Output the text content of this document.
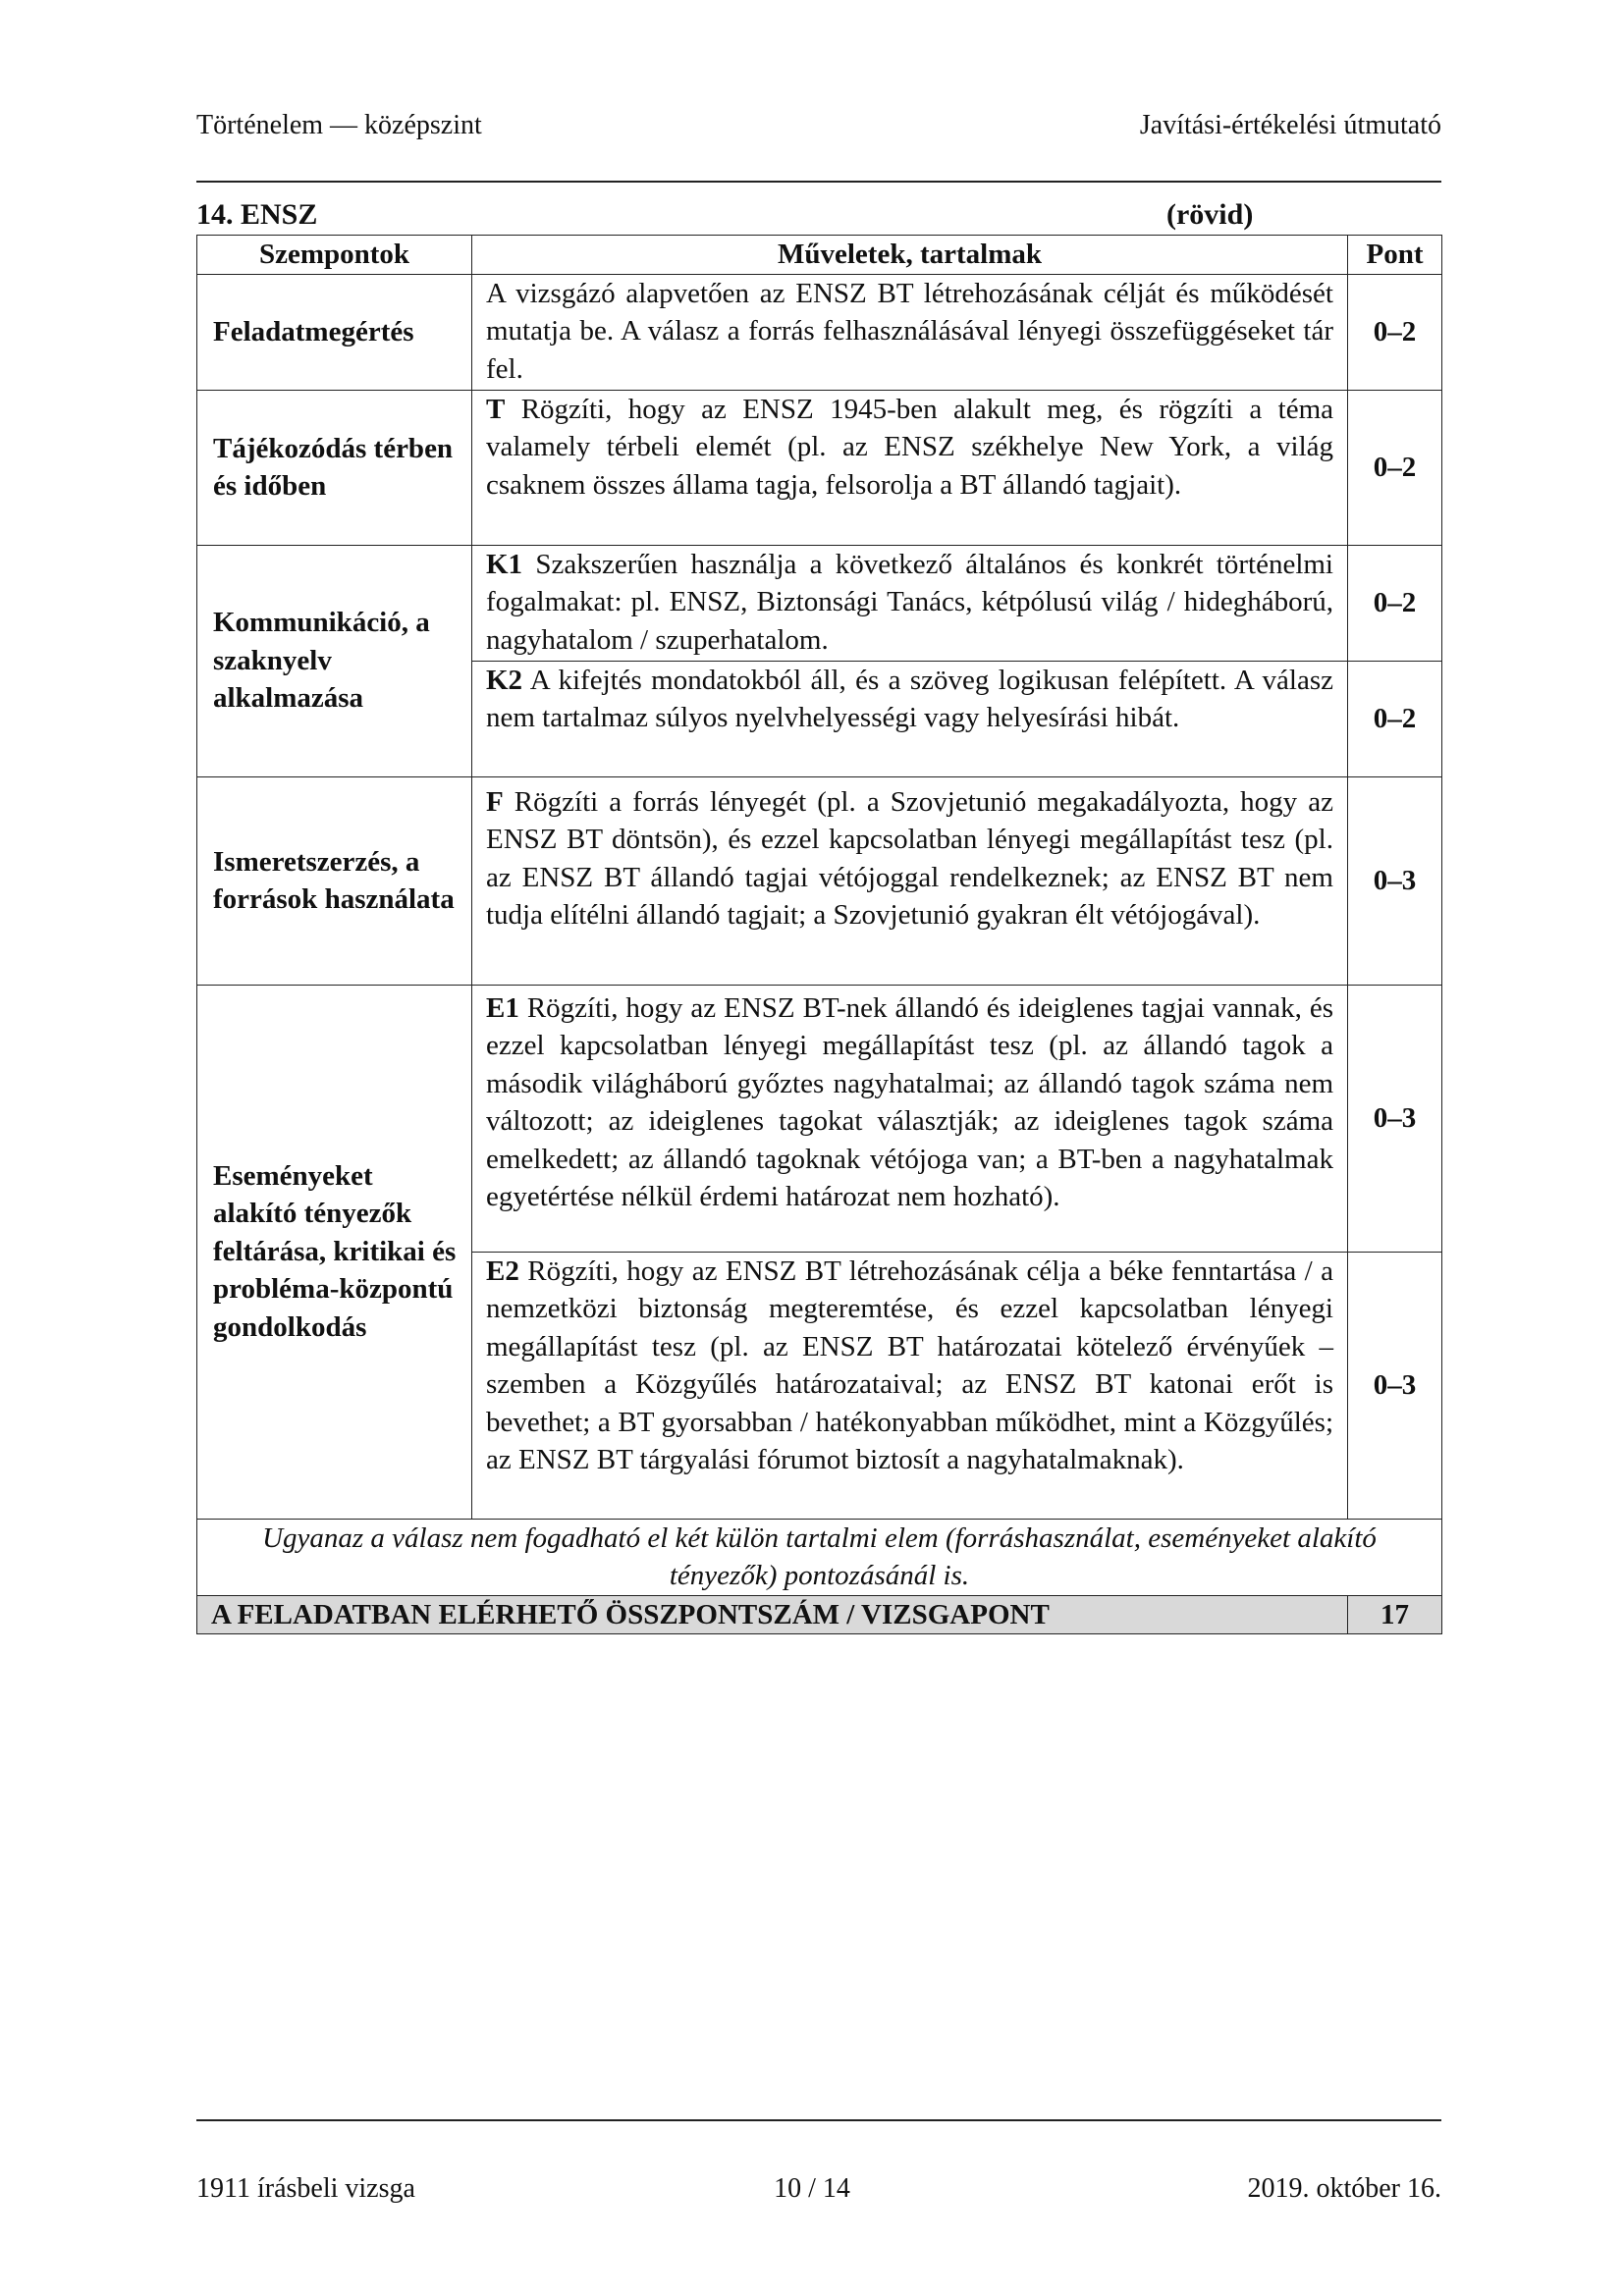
Történelem — középszint	Javítási-értékelési útmutató
14. ENSZ	(rövid)
Szempontok	Műveletek, tartalmak	Pont
Feladatmegértés	A vizsgázó alapvetően az ENSZ BT létrehozásának célját és működését mutatja be. A válasz a forrás felhasználásával lényegi összefüggéseket tár fel.	0–2
Tájékozódás térben és időben	T Rögzíti, hogy az ENSZ 1945-ben alakult meg, és rögzíti a téma valamely térbeli elemét (pl. az ENSZ székhelye New York, a világ csaknem összes állama tagja, felsorolja a BT állandó tagjait).	0–2
Kommunikáció, a szaknyelv alkalmazása	K1 Szakszerűen használja a következő általános és konkrét történelmi fogalmakat: pl. ENSZ, Biztonsági Tanács, kétpólusú világ / hidegháború, nagyhatalom / szuperhatalom.	0–2
	K2 A kifejtés mondatokból áll, és a szöveg logikusan felépített. A válasz nem tartalmaz súlyos nyelvhelyességi vagy helyesírási hibát.	0–2
Ismeretszerzés, a források használata	F Rögzíti a forrás lényegét (pl. a Szovjetunió megakadályozta, hogy az ENSZ BT döntsön), és ezzel kapcsolatban lényegi megállapítást tesz (pl. az ENSZ BT állandó tagjai vétójoggal rendelkeznek; az ENSZ BT nem tudja elítélni állandó tagjait; a Szovjetunió gyakran élt vétójogával).	0–3
Eseményeket alakító tényezők feltárása, kritikai és probléma-központú gondolkodás	E1 Rögzíti, hogy az ENSZ BT-nek állandó és ideiglenes tagjai vannak, és ezzel kapcsolatban lényegi megállapítást tesz (pl. az állandó tagok a második világháború győztes nagyhatalmai; az állandó tagok száma nem változott; az ideiglenes tagokat választják; az ideiglenes tagok száma emelkedett; az állandó tagoknak vétójoga van; a BT-ben a nagyhatalmak egyetértése nélkül érdemi határozat nem hozható).	0–3
	E2 Rögzíti, hogy az ENSZ BT létrehozásának célja a béke fenntartása / a nemzetközi biztonság megteremtése, és ezzel kapcsolatban lényegi megállapítást tesz (pl. az ENSZ BT határozatai kötelező érvényűek – szemben a Közgyűlés határozataival; az ENSZ BT katonai erőt is bevethet; a BT gyorsabban / hatékonyabban működhet, mint a Közgyűlés; az ENSZ BT tárgyalási fórumot biztosít a nagyhatalmaknak).	0–3
Ugyanaz a válasz nem fogadható el két külön tartalmi elem (forráshasználat, eseményeket alakító tényezők) pontozásánál is.		
A FELADATBAN ELÉRHETŐ ÖSSZPONTSZÁM / VIZSGAPONT		17
1911 írásbeli vizsga	10 / 14	2019. október 16.
